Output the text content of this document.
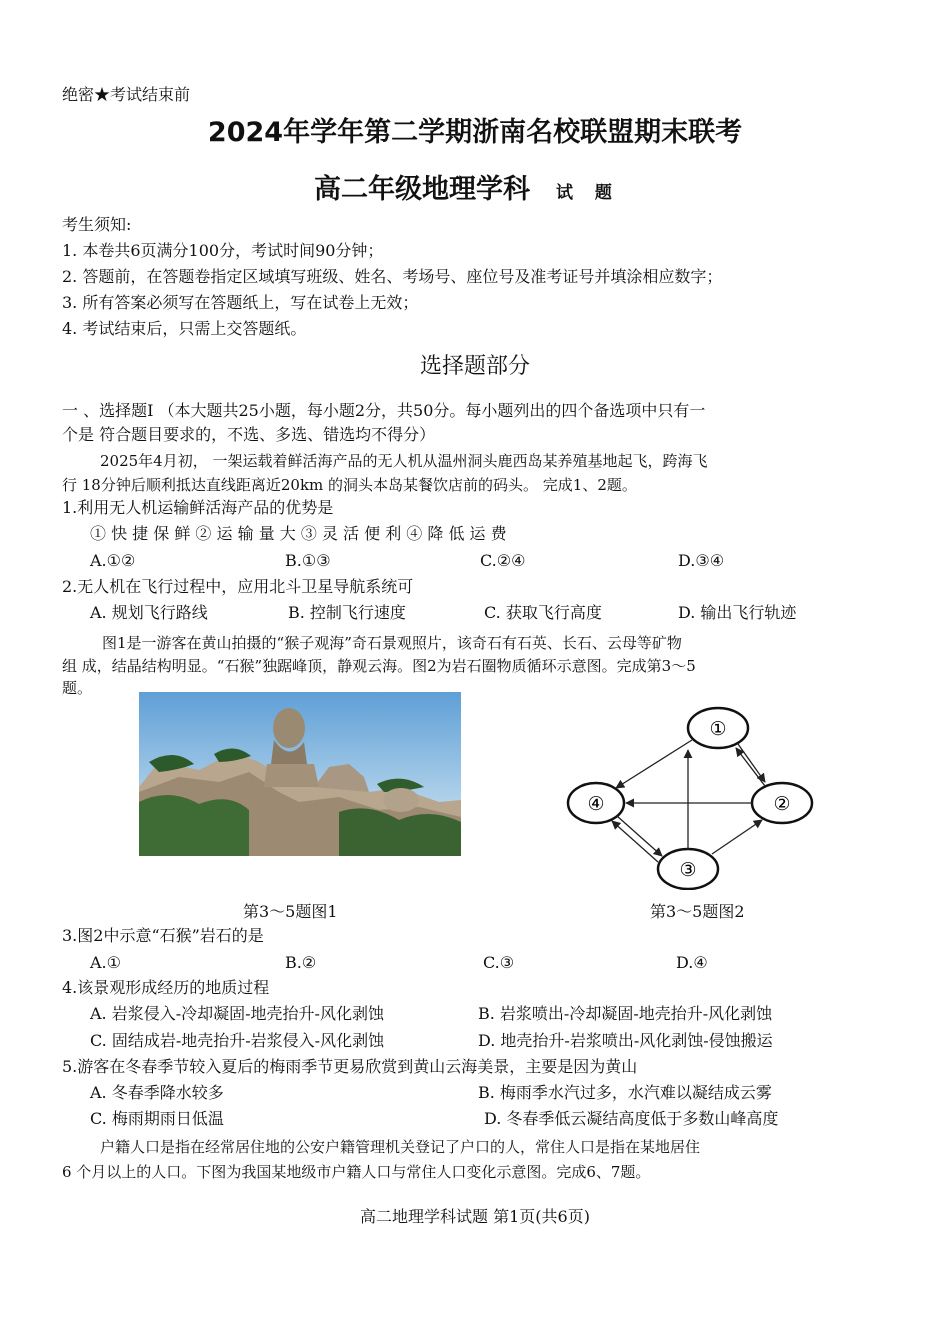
绝密★考试结束前
2024年学年第二学期浙南名校联盟期末联考
高二年级地理学科 试 题
考生须知:
1. 本卷共6页满分100分，考试时间90分钟；
2. 答题前，在答题卷指定区域填写班级、姓名、考场号、座位号及准考证号并填涂相应数字；
3. 所有答案必须写在答题纸上，写在试卷上无效；
4. 考试结束后，只需上交答题纸。
选择题部分
一 、选择题Ⅰ （本大题共25小题，每小题2分，共50分。每小题列出的四个备选项中只有一
个是 符合题目要求的，不选、多选、错选均不得分）
2025年4月初， 一架运载着鲜活海产品的无人机从温州洞头鹿西岛某养殖基地起飞，跨海飞
行 18分钟后顺利抵达直线距离近20km 的洞头本岛某餐饮店前的码头。 完成1、2题。
1.利用无人机运输鲜活海产品的优势是
① 快 捷 保 鲜 ② 运 输 量 大 ③ 灵 活 便 利 ④ 降 低 运 费
A.①②	B.①③	C.②④	D.③④
2.无人机在飞行过程中，应用北斗卫星导航系统可
A. 规划飞行路线	B. 控制飞行速度	C. 获取飞行高度	D. 输出飞行轨迹
图1是一游客在黄山拍摄的“猴子观海”奇石景观照片，该奇石有石英、长石、云母等矿物
组 成，结晶结构明显。“石猴”独踞峰顶，静观云海。图2为岩石圈物质循环示意图。完成第3～5
题。
①
②
③
④
第3～5题图1	第3～5题图2
3.图2中示意“石猴”岩石的是
A.①	B.②	C.③	D.④
4.该景观形成经历的地质过程
A. 岩浆侵入-冷却凝固-地壳抬升-风化剥蚀	B. 岩浆喷出-冷却凝固-地壳抬升-风化剥蚀
C. 固结成岩-地壳抬升-岩浆侵入-风化剥蚀	D. 地壳抬升-岩浆喷出-风化剥蚀-侵蚀搬运
5.游客在冬春季节较入夏后的梅雨季节更易欣赏到黄山云海美景，主要是因为黄山
A. 冬春季降水较多	B. 梅雨季水汽过多，水汽难以凝结成云雾
C. 梅雨期雨日低温	D. 冬春季低云凝结高度低于多数山峰高度
户籍人口是指在经常居住地的公安户籍管理机关登记了户口的人，常住人口是指在某地居住
6 个月以上的人口。下图为我国某地级市户籍人口与常住人口变化示意图。完成6、7题。
高二地理学科试题 第1页(共6页)
